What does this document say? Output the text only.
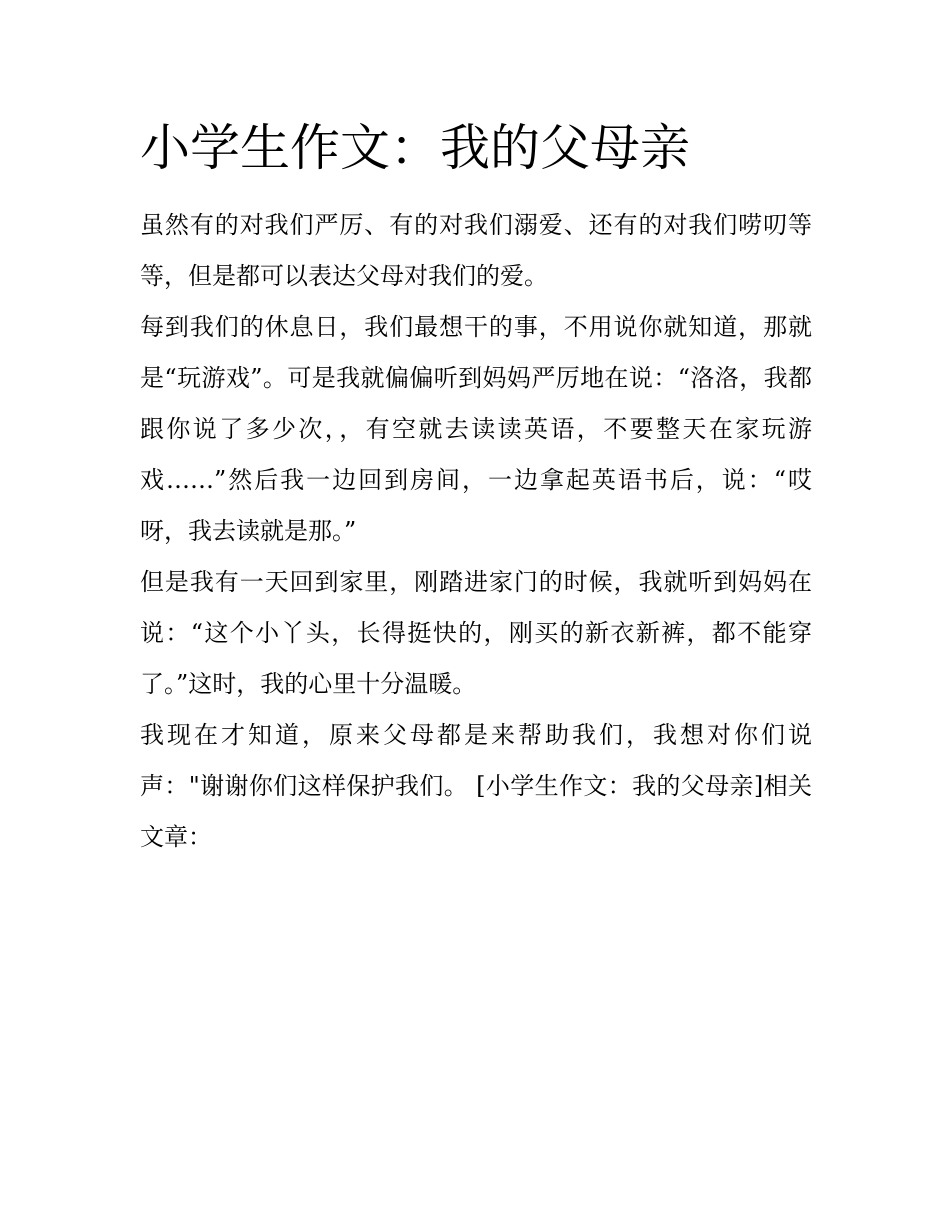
小学生作文：我的父母亲

虽然有的对我们严厉、有的对我们溺爱、还有的对我们唠叨等等，但是都可以表达父母对我们的爱。

每到我们的休息日，我们最想干的事，不用说你就知道，那就是“玩游戏”。可是我就偏偏听到妈妈严厉地在说：“洛洛，我都跟你说了多少次，，有空就去读读英语，不要整天在家玩游戏……”然后我一边回到房间，一边拿起英语书后，说：“哎呀，我去读就是那。”

但是我有一天回到家里，刚踏进家门的时候，我就听到妈妈在说：“这个小丫头，长得挺快的，刚买的新衣新裤，都不能穿了。”这时，我的心里十分温暖。

我现在才知道，原来父母都是来帮助我们，我想对你们说声："谢谢你们这样保护我们。 [小学生作文：我的父母亲]相关文章：
